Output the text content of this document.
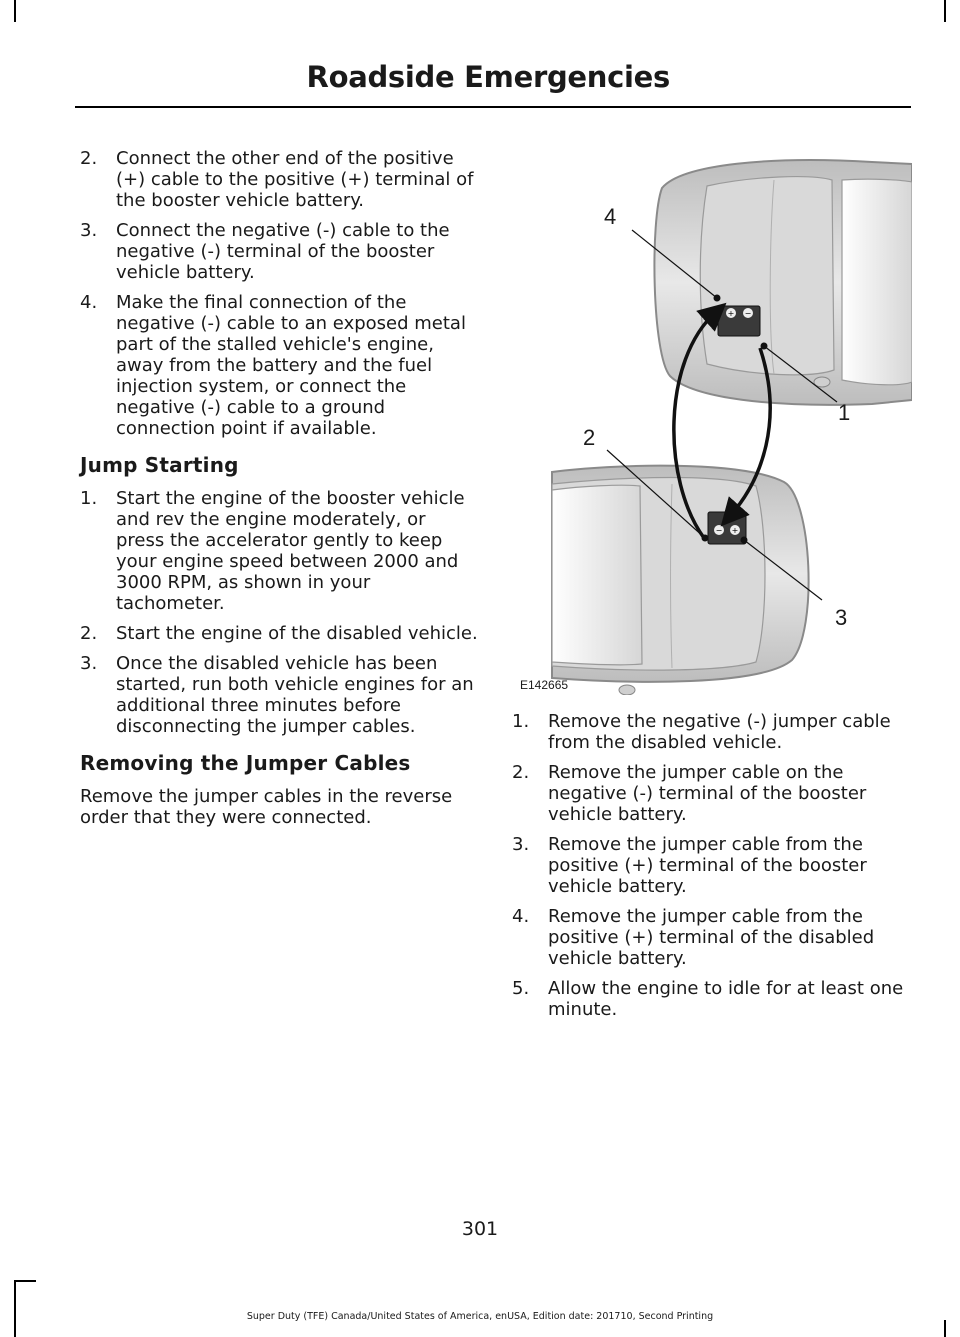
Roadside Emergencies
2. Connect the other end of the positive (+) cable to the positive (+) terminal of the booster vehicle battery.
3. Connect the negative (-) cable to the negative (-) terminal of the booster vehicle battery.
4. Make the final connection of the negative (-) cable to an exposed metal part of the stalled vehicle's engine, away from the battery and the fuel injection system, or connect the negative (-) cable to a ground connection point if available.
Jump Starting
1. Start the engine of the booster vehicle and rev the engine moderately, or press the accelerator gently to keep your engine speed between 2000 and 3000 RPM, as shown in your tachometer.
2. Start the engine of the disabled vehicle.
3. Once the disabled vehicle has been started, run both vehicle engines for an additional three minutes before disconnecting the jumper cables.
Removing the Jumper Cables

Remove the jumper cables in the reverse order that they were connected.

+ −
− +
4
1
2
3
E142665
1. Remove the negative (-) jumper cable from the disabled vehicle.
2. Remove the jumper cable on the negative (-) terminal of the booster vehicle battery.
3. Remove the jumper cable from the positive (+) terminal of the booster vehicle battery.
4. Remove the jumper cable from the positive (+) terminal of the disabled vehicle battery.
5. Allow the engine to idle for at least one minute.
301
Super Duty (TFE) Canada/United States of America, enUSA, Edition date: 201710, Second Printing
